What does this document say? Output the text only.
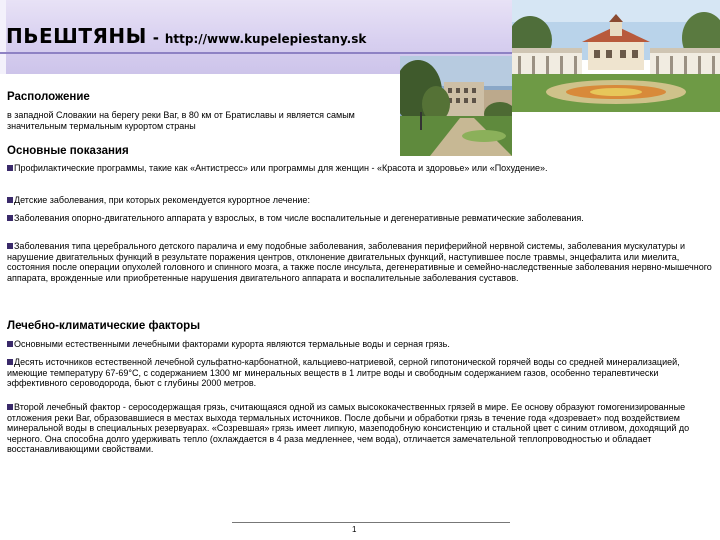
ПЬЕШТЯНЫ - http://www.kupelepiestany.sk
Расположение

в западной Словакии на берегу реки Ваг, в 80 км от Братиславы и является самым значительным термальным курортом страны

Основные показания

Профилактические программы, такие как «Антистресс» или программы для женщин - «Красота и здоровье» или «Похудение».

Детские заболевания, при которых рекомендуется курортное лечение:

Заболевания опорно-двигательного аппарата у взрослых, в том числе воспалительные и дегенеративные ревматические заболевания.

Заболевания типа церебрального детского паралича и ему подобные заболевания, заболевания периферийной нервной системы, заболевания мускулатуры и нарушение двигательных функций в результате поражения центров, отклонение двигательных функций, наступившее после травмы, энцефалита или миелита, состояния после операции опухолей головного и спинного мозга, а также после инсульта, дегенеративные и семейно-наследственные заболевания нервно-мышечного аппарата, врожденные или приобретенные нарушения двигательного аппарата и воспалительные заболевания суставов.

Лечебно-климатические факторы

Основными естественными лечебными факторами курорта являются термальные воды и серная грязь.

Десять источников естественной лечебной сульфатно-карбонатной, кальциево-натриевой, серной гипотонической горячей воды со средней минерализацией, имеющие температуру 67-69°С, с содержанием 1300 мг минеральных веществ в 1 литре воды и свободным содержанием газов, особенно терапевтически эффективного сероводорода, бьют с глубины 2000 метров.

Второй лечебный фактор - серосодержащая грязь, считающаяся одной из самых высококачественных грязей в мире. Ее основу образуют гомогенизированные отложения реки Ваг, образовавшиеся в местах выхода термальных источников. После добычи и обработки грязь в течение года «дозревает» под воздействием минеральной воды в специальных резервуарах. «Созревшая» грязь имеет липкую, мазеподобную консистенцию и стальной цвет с синим отливом, доходящий до черного. Она способна долго удерживать тепло (охлаждается в 4 раза медленнее, чем вода), отличается замечательной теплопроводностью и обладает восстанавливающими свойствами.

1
